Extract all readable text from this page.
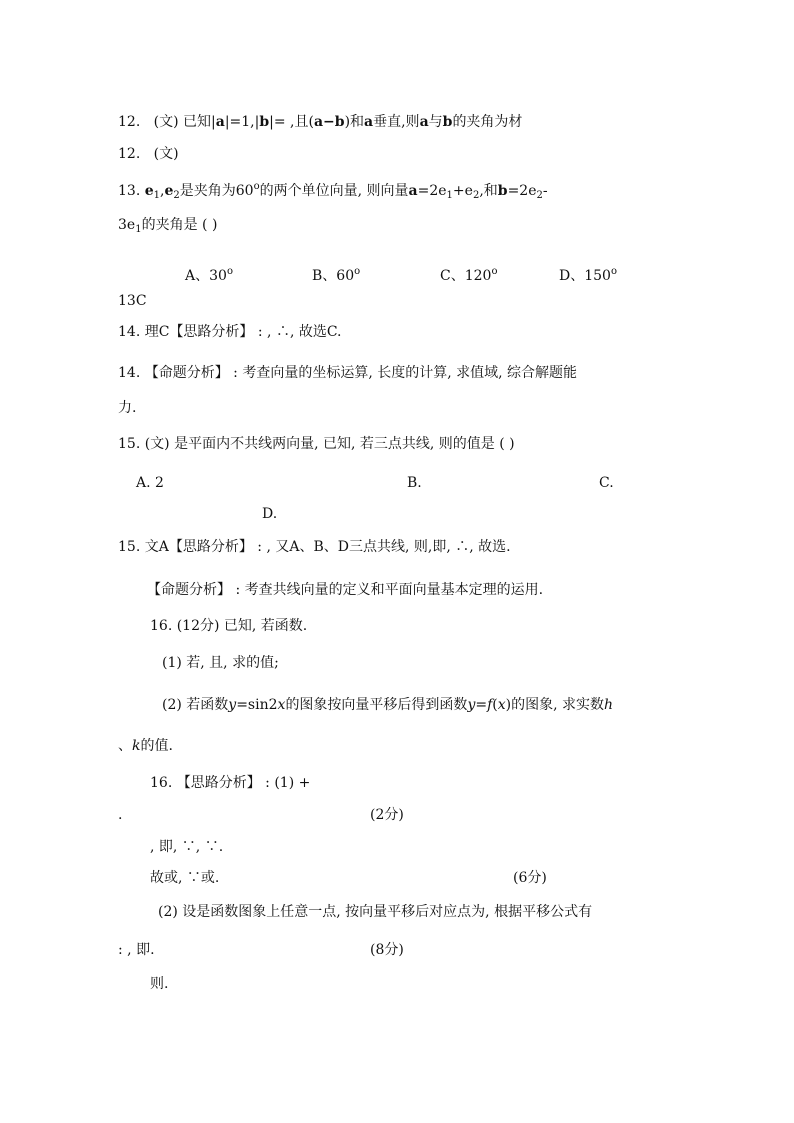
12. (文) 已知|a|=1,|b|= ,且(a−b)和a垂直,则a与b的夹角为材
12. (文)
13. $e_1,e_2$是夹角为60$^o$的两个单位向量, 则向量$a=2e_1+e_2$,和$b=2e_2-$
$3e_1$的夹角是 ( )
A、30$^o$	B、60$^o$	C、120$^o$	D、150$^o$
13C
14. 理C【思路分析】 : , ∴, 故选C.
14. 【命题分析】 : 考查向量的坐标运算, 长度的计算, 求值域, 综合解题能
力.
15. (文) 是平面内不共线两向量, 已知, 若三点共线, 则的值是 ( )
A. 2	B.	C.
D.
15. 文A【思路分析】 : , 又A、B、D三点共线, 则,即, ∴, 故选.
【命题分析】 : 考查共线向量的定义和平面向量基本定理的运用.
16. (12分) 已知, 若函数.
(1) 若, 且, 求的值;
(2) 若函数y=sin2x的图象按向量平移后得到函数y=f(x)的图象, 求实数h
、k的值.
16. 【思路分析】 : (1) +
.	(2分)
, 即, ∵, ∵.
故或, ∵或.	(6分)
(2) 设是函数图象上任意一点, 按向量平移后对应点为, 根据平移公式有
: , 即.	(8分)
则.
